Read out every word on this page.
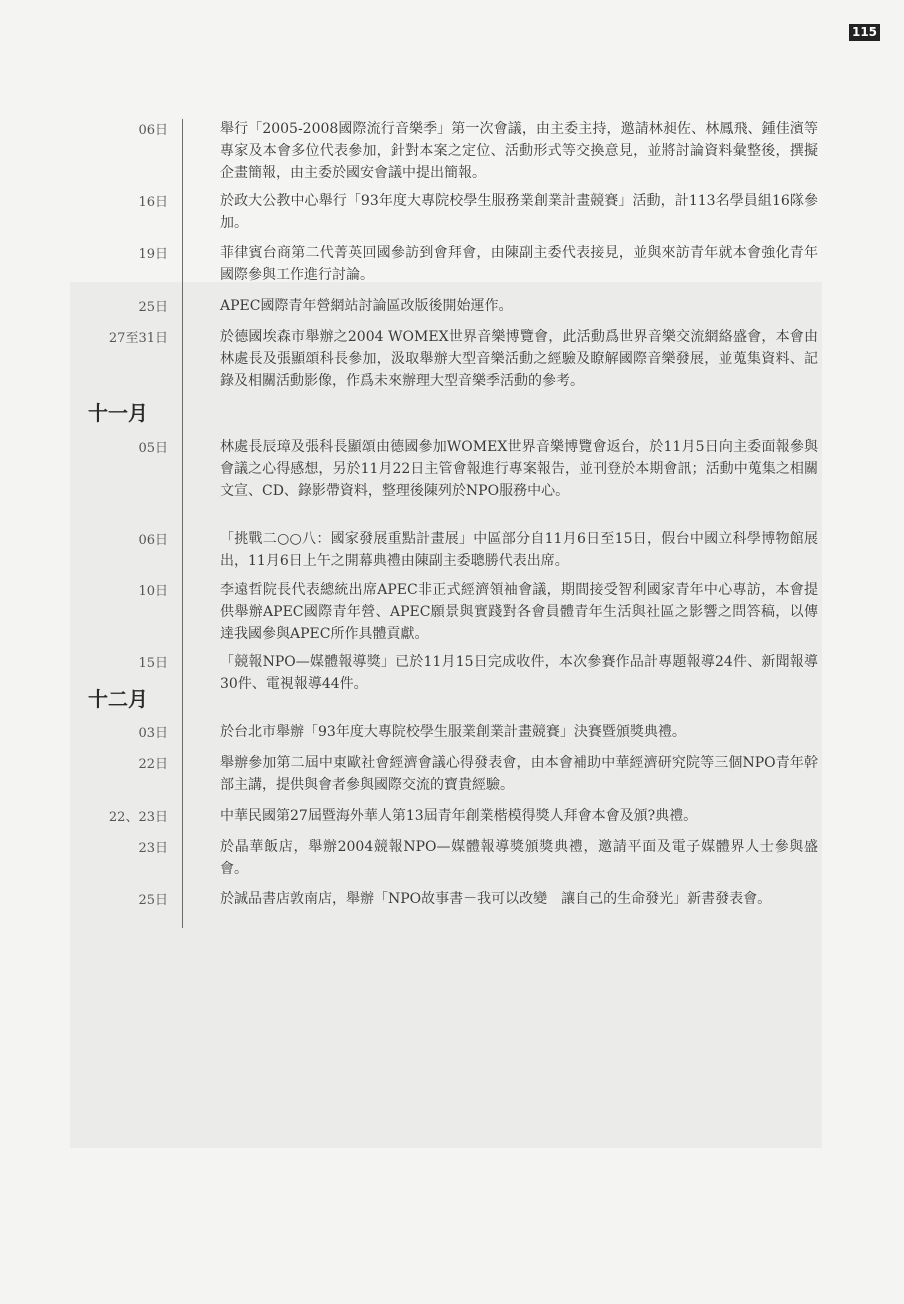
115
06日	舉行「2005-2008國際流行音樂季」第一次會議，由主委主持，邀請林昶佐、林鳳飛、鍾佳濱等專家及本會多位代表參加，針對本案之定位、活動形式等交換意見，並將討論資料彙整後，撰擬企畫簡報，由主委於國安會議中提出簡報。
16日	於政大公教中心舉行「93年度大專院校學生服務業創業計畫競賽」活動，計113名學員組16隊參加。
19日	菲律賓台商第二代菁英回國參訪到會拜會，由陳副主委代表接見，並與來訪青年就本會強化青年國際參與工作進行討論。
25日	APEC國際青年營網站討論區改版後開始運作。
27至31日	於德國埃森市舉辦之2004 WOMEX世界音樂博覽會，此活動爲世界音樂交流網絡盛會，本會由林處長及張顯頌科長參加，汲取舉辦大型音樂活動之經驗及瞭解國際音樂發展，並蒐集資料、記錄及相關活動影像，作爲未來辦理大型音樂季活動的參考。
十一月
05日	林處長辰璋及張科長顯頌由德國參加WOMEX世界音樂博覽會返台，於11月5日向主委面報參與會議之心得感想，另於11月22日主管會報進行專案報告，並刊登於本期會訊；活動中蒐集之相關文宣、CD、錄影帶資料，整理後陳列於NPO服務中心。
06日	「挑戰二○○八：國家發展重點計畫展」中區部分自11月6日至15日，假台中國立科學博物館展出，11月6日上午之開幕典禮由陳副主委聰勝代表出席。
10日	李遠哲院長代表總統出席APEC非正式經濟領袖會議，期間接受智利國家青年中心專訪，本會提供舉辦APEC國際青年營、APEC願景與實踐對各會員體青年生活與社區之影響之問答稿，以傳達我國參與APEC所作具體貢獻。
15日	「競報NPO—媒體報導獎」已於11月15日完成收件，本次參賽作品計專題報導24件、新聞報導30件、電視報導44件。
十二月
03日	於台北市舉辦「93年度大專院校學生服業創業計畫競賽」決賽暨頒獎典禮。
22日	舉辦參加第二屆中東歐社會經濟會議心得發表會，由本會補助中華經濟研究院等三個NPO青年幹部主講，提供與會者參與國際交流的寶貴經驗。
22、23日	中華民國第27屆暨海外華人第13屆青年創業楷模得獎人拜會本會及頒?典禮。
23日	於晶華飯店，舉辦2004競報NPO—媒體報導獎頒獎典禮，邀請平面及電子媒體界人士參與盛會。
25日	於誠品書店敦南店，舉辦「NPO故事書－我可以改變　讓自己的生命發光」新書發表會。
